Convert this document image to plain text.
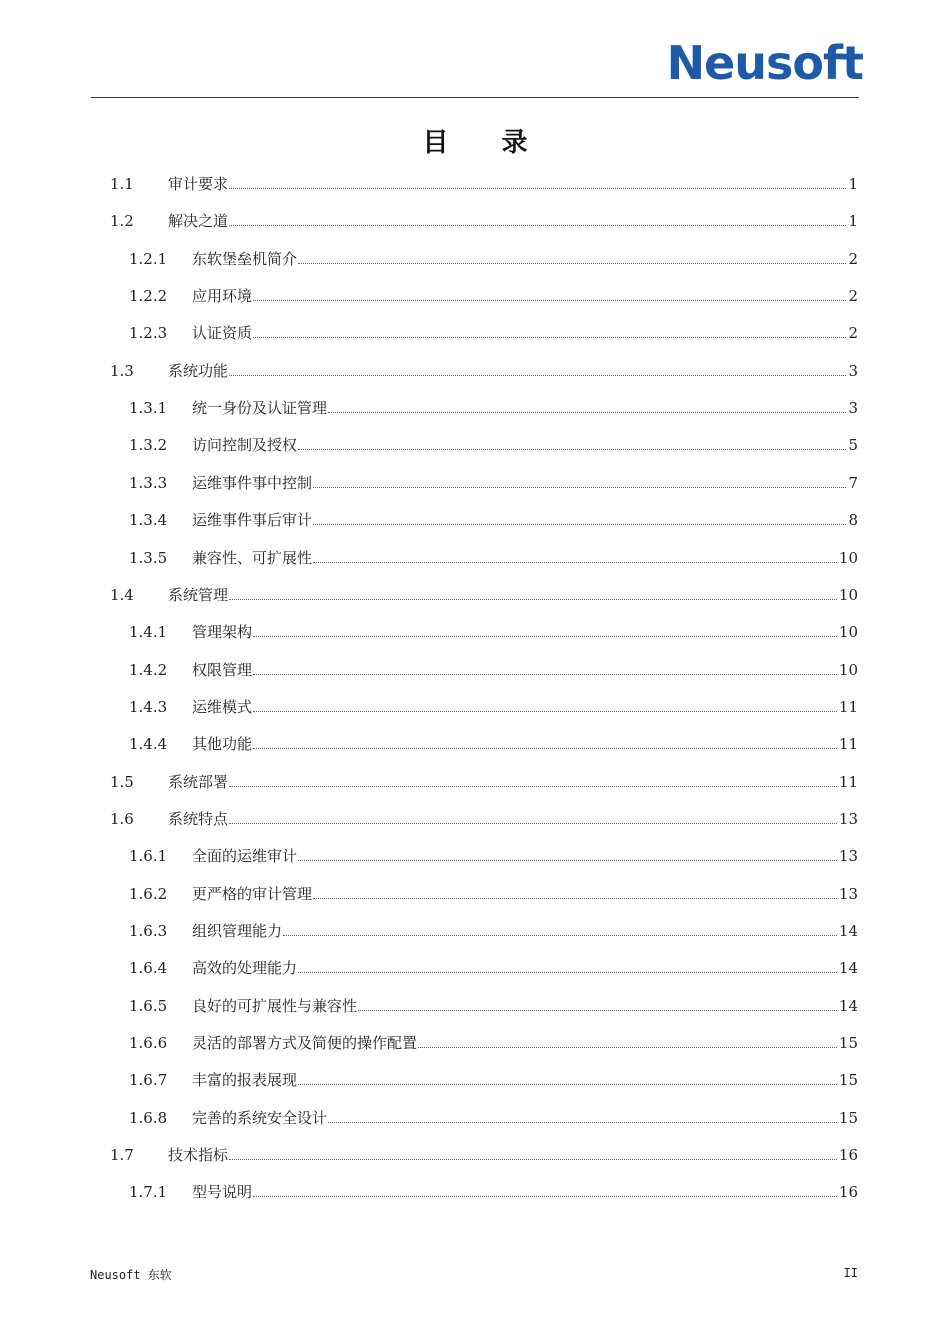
Neusoft
目 录
1.1 审计要求	1
1.2 解决之道	1
1.2.1 东软堡垒机简介	2
1.2.2 应用环境	2
1.2.3 认证资质	2
1.3 系统功能	3
1.3.1 统一身份及认证管理	3
1.3.2 访问控制及授权	5
1.3.3 运维事件事中控制	7
1.3.4 运维事件事后审计	8
1.3.5 兼容性、可扩展性	10
1.4 系统管理	10
1.4.1 管理架构	10
1.4.2 权限管理	10
1.4.3 运维模式	11
1.4.4 其他功能	11
1.5 系统部署	11
1.6 系统特点	13
1.6.1 全面的运维审计	13
1.6.2 更严格的审计管理	13
1.6.3 组织管理能力	14
1.6.4 高效的处理能力	14
1.6.5 良好的可扩展性与兼容性	14
1.6.6 灵活的部署方式及简便的操作配置	15
1.6.7 丰富的报表展现	15
1.6.8 完善的系统安全设计	15
1.7 技术指标	16
1.7.1 型号说明	16
Neusoft 东软	II
